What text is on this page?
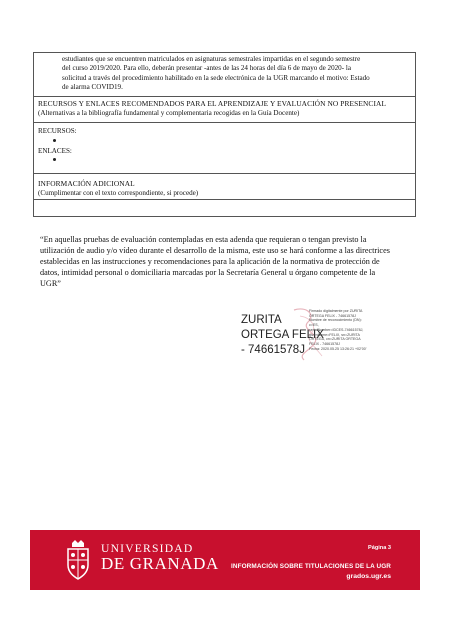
estudiantes que se encuentren matriculados en asignaturas semestrales impartidas en el segundo semestre
del curso 2019/2020. Para ello, deberán presentar -antes de las 24 horas del día 6 de mayo de 2020- la
solicitud a través del procedimiento habilitado en la sede electrónica de la UGR marcando el motivo: Estado
de alarma COVID19.
RECURSOS Y ENLACES RECOMENDADOS PARA EL APRENDIZAJE Y EVALUACIÓN NO PRESENCIAL
(Alternativas a la bibliografía fundamental y complementaria recogidas en la Guía Docente)
RECURSOS:
ENLACES:
INFORMACIÓN ADICIONAL
(Cumplimentar con el texto correspondiente, si procede)
“En aquellas pruebas de evaluación contempladas en esta adenda que requieran o tengan previsto la
utilización de audio y/o vídeo durante el desarrollo de la misma, este uso se hará conforme a las directrices
establecidas en las instrucciones y recomendaciones para la aplicación de la normativa de protección de
datos, intimidad personal o domiciliaria marcadas por la Secretaría General u órgano competente de la
UGR”
ZURITA
ORTEGA FELIX
- 74661578J
Firmado digitalmente por ZURITA
ORTEGA FELIX - 74661578J
Nombre de reconocimiento (DN):
c=ES,
serialNumber=IDCES-74661578J,
givenName=FELIX, sn=ZURITA
ORTEGA, cn=ZURITA ORTEGA
FELIX - 74661578J
Fecha: 2020.05.25 13:26:21 +02'00'
UNIVERSIDAD
DE GRANADA
Página 3
INFORMACIÓN SOBRE TITULACIONES DE LA UGR
grados.ugr.es
